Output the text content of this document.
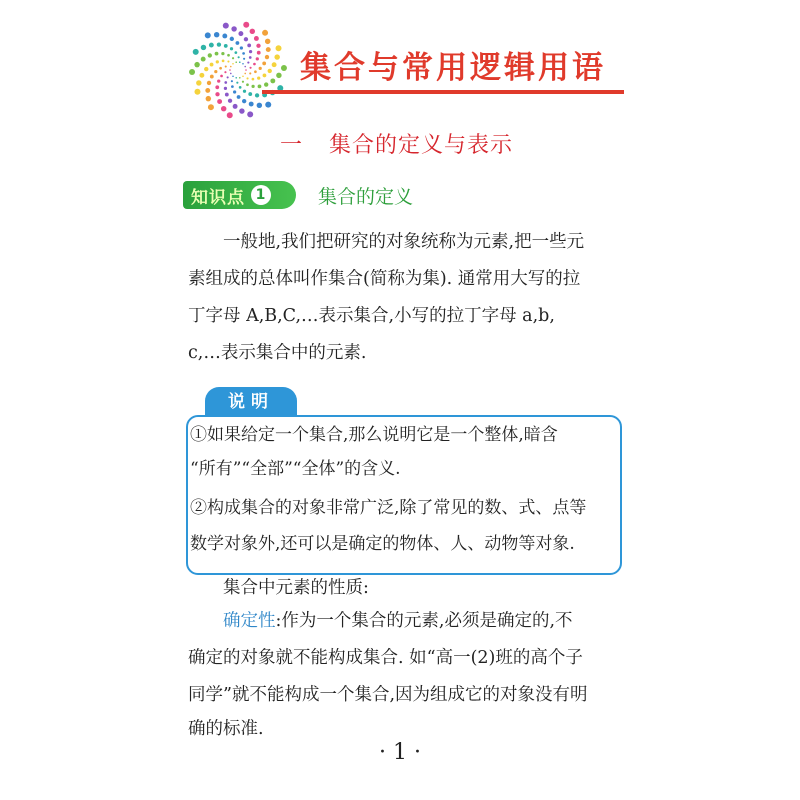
集合与常用逻辑用语
一 集合的定义与表示
知识点 1	集合的定义
　　一般地,我们把研究的对象统称为元素,把一些元
素组成的总体叫作集合(简称为集). 通常用大写的拉
丁字母 A,B,C,…表示集合,小写的拉丁字母 a,b,
c,…表示集合中的元素.
说明
①如果给定一个集合,那么说明它是一个整体,暗含
“所有”“全部”“全体”的含义.
②构成集合的对象非常广泛,除了常见的数、式、点等
数学对象外,还可以是确定的物体、人、动物等对象.
　　集合中元素的性质:
确定性:作为一个集合的元素,必须是确定的,不
确定的对象就不能构成集合. 如“高一(2)班的高个子
同学”就不能构成一个集合,因为组成它的对象没有明
确的标准.
· 1 ·
